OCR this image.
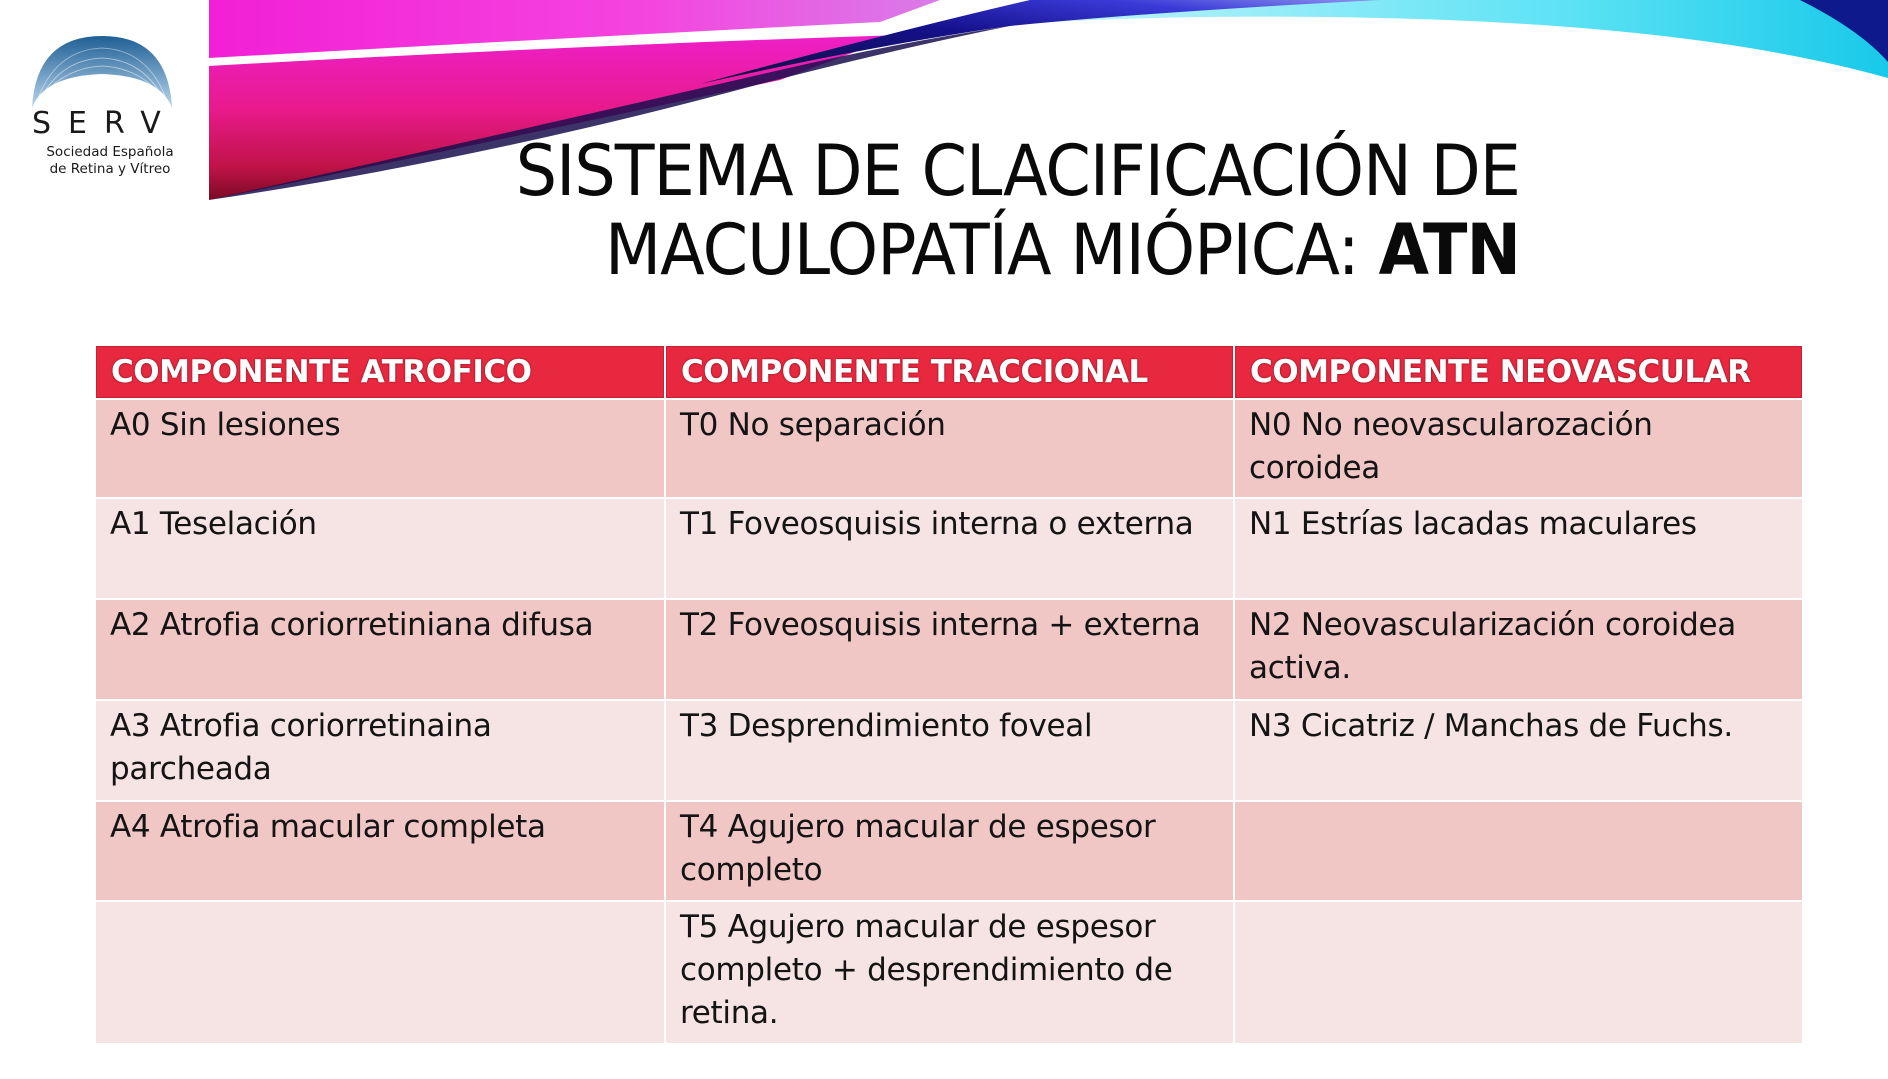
SERV
Sociedad Española
de Retina y Vítreo	SISTEMA DE CLACIFICACIÓN DE
MACULOPATÍA MIÓPICA: ATN
COMPONENTE ATROFICO	COMPONENTE TRACCIONAL	COMPONENTE NEOVASCULAR
A0 Sin lesiones	T0 No separación	N0 No neovascularozación coroidea
A1 Teselación	T1 Foveosquisis interna o externa	N1 Estrías lacadas maculares
A2 Atrofia coriorretiniana difusa	T2 Foveosquisis interna + externa	N2 Neovascularización coroidea activa.
A3 Atrofia coriorretinaina parcheada	T3 Desprendimiento foveal	N3 Cicatriz / Manchas de Fuchs.
A4 Atrofia macular completa	T4 Agujero macular de espesor completo	
	T5 Agujero macular de espesor completo + desprendimiento de retina.	
